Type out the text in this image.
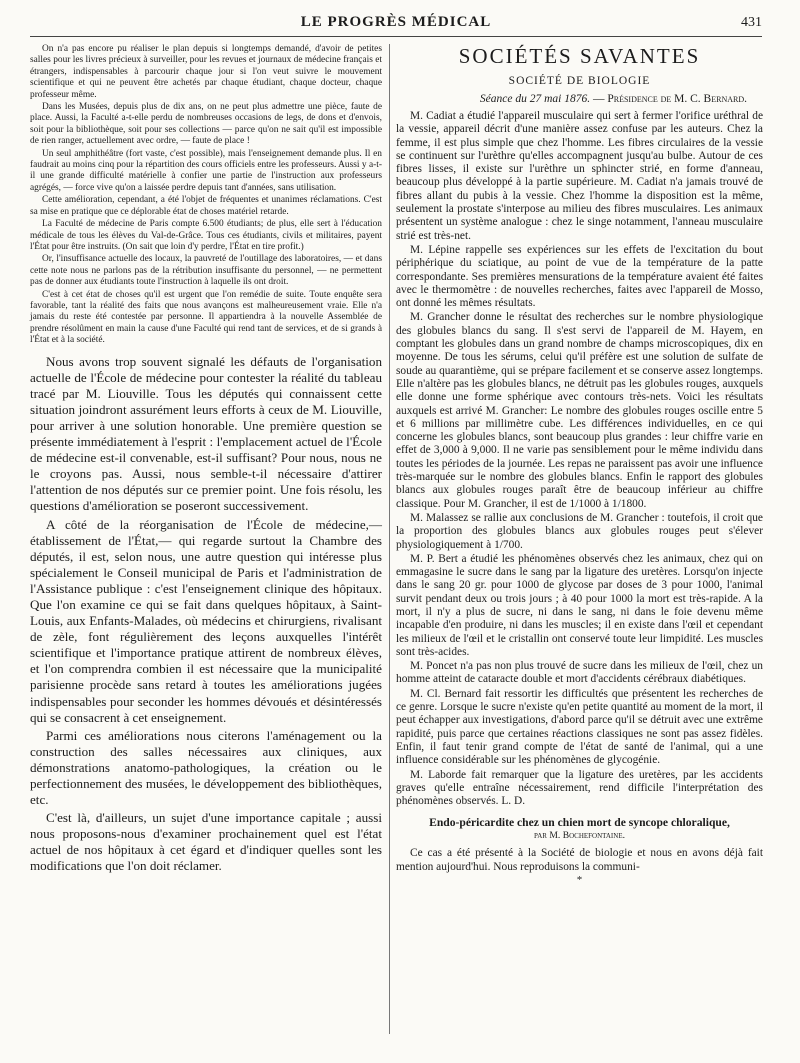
LE PROGRÈS MÉDICAL	431

On n'a pas encore pu réaliser le plan depuis si longtemps demandé, d'avoir de petites salles pour les livres précieux à surveiller, pour les revues et journaux de médecine français et étrangers, indispensables à parcourir chaque jour si l'on veut suivre le mouvement scientifique et qui ne peuvent être achetés par chaque étudiant, chaque docteur, chaque professeur même.

Dans les Musées, depuis plus de dix ans, on ne peut plus admettre une pièce, faute de place. Aussi, la Faculté a-t-elle perdu de nombreuses occasions de legs, de dons et d'envois, soit pour la bibliothèque, soit pour ses collections — parce qu'on ne sait qu'il est impossible de rien ranger, actuellement avec ordre, — faute de place !

Un seul amphithéâtre (fort vaste, c'est possible), mais l'enseignement demande plus. Il en faudrait au moins cinq pour la répartition des cours officiels entre les professeurs. Aussi y a-t-il une grande difficulté matérielle à confier une partie de l'instruction aux professeurs agrégés, — force vive qu'on a laissée perdre depuis tant d'années, sans utilisation.

Cette amélioration, cependant, a été l'objet de fréquentes et unanimes réclamations. C'est sa mise en pratique que ce déplorable état de choses matériel retarde.

La Faculté de médecine de Paris compte 6.500 étudiants; de plus, elle sert à l'éducation médicale de tous les élèves du Val-de-Grâce. Tous ces étudiants, civils et militaires, payent l'État pour être instruits. (On sait que loin d'y perdre, l'État en tire profit.)

Or, l'insuffisance actuelle des locaux, la pauvreté de l'outillage des laboratoires, — et dans cette note nous ne parlons pas de la rétribution insuffisante du personnel, — ne permettent pas de donner aux étudiants toute l'instruction à laquelle ils ont droit.

C'est à cet état de choses qu'il est urgent que l'on remédie de suite. Toute enquête sera favorable, tant la réalité des faits que nous avançons est malheureusement vraie. Elle n'a jamais du reste été contestée par personne. Il appartiendra à la nouvelle Assemblée de prendre résolûment en main la cause d'une Faculté qui rend tant de services, et de si grands à l'État et à la société.

Nous avons trop souvent signalé les défauts de l'organisation actuelle de l'École de médecine pour contester la réalité du tableau tracé par M. Liouville. Tous les députés qui connaissent cette situation joindront assurément leurs efforts à ceux de M. Liouville, pour arriver à une solution honorable. Une première question se présente immédiatement à l'esprit : l'emplacement actuel de l'École de médecine est-il convenable, est-il suffisant? Pour nous, nous ne le croyons pas. Aussi, nous semble-t-il nécessaire d'attirer l'attention de nos députés sur ce premier point. Une fois résolu, les questions d'amélioration se poseront successivement.

A côté de la réorganisation de l'École de médecine,—établissement de l'État,— qui regarde surtout la Chambre des députés, il est, selon nous, une autre question qui intéresse plus spécialement le Conseil municipal de Paris et l'administration de l'Assistance publique : c'est l'enseignement clinique des hôpitaux. Que l'on examine ce qui se fait dans quelques hôpitaux, à Saint-Louis, aux Enfants-Malades, où médecins et chirurgiens, rivalisant de zèle, font régulièrement des leçons auxquelles l'intérêt scientifique et l'importance pratique attirent de nombreux élèves, et l'on comprendra combien il est nécessaire que la municipalité parisienne procède sans retard à toutes les améliorations jugées indispensables pour seconder les hommes dévoués et désintéressés qui se consacrent à cet enseignement.

Parmi ces améliorations nous citerons l'aménagement ou la construction des salles nécessaires aux cliniques, aux démonstrations anatomo-pathologiques, la création ou le perfectionnement des musées, le développement des bibliothèques, etc.

C'est là, d'ailleurs, un sujet d'une importance capitale ; aussi nous proposons-nous d'examiner prochainement quel est l'état actuel de nos hôpitaux à cet égard et d'indiquer quelles sont les modifications que l'on doit réclamer.

SOCIÉTÉS SAVANTES
SOCIÉTÉ DE BIOLOGIE
Séance du 27 mai 1876. — Présidence de M. C. Bernard.

M. Cadiat a étudié l'appareil musculaire qui sert à fermer l'orifice uréthral de la vessie, appareil décrit d'une manière assez confuse par les auteurs. Chez la femme, il est plus simple que chez l'homme. Les fibres circulaires de la vessie se continuent sur l'urèthre qu'elles accompagnent jusqu'au bulbe. Autour de ces fibres lisses, il existe sur l'urèthre un sphincter strié, en forme d'anneau, beaucoup plus développé à la partie supérieure. M. Cadiat n'a jamais trouvé de fibres allant du pubis à la vessie. Chez l'homme la disposition est la même, seulement la prostate s'interpose au milieu des fibres musculaires. Les animaux présentent un système analogue : chez le singe notamment, l'anneau musculaire strié est très-net.

M. Lépine rappelle ses expériences sur les effets de l'excitation du bout périphérique du sciatique, au point de vue de la température de la patte correspondante. Ses premières mensurations de la température avaient été faites avec le thermomètre : de nouvelles recherches, faites avec l'appareil de Mosso, ont donné les mêmes résultats.

M. Grancher donne le résultat des recherches sur le nombre physiologique des globules blancs du sang. Il s'est servi de l'appareil de M. Hayem, en comptant les globules dans un grand nombre de champs microscopiques, dix en moyenne. De tous les sérums, celui qu'il préfère est une solution de sulfate de soude au quarantième, qui se prépare facilement et se conserve assez longtemps. Elle n'altère pas les globules blancs, ne détruit pas les globules rouges, auxquels elle donne une forme sphérique avec contours très-nets. Voici les résultats auxquels est arrivé M. Grancher: Le nombre des globules rouges oscille entre 5 et 6 millions par millimètre cube. Les différences individuelles, en ce qui concerne les globules blancs, sont beaucoup plus grandes : leur chiffre varie en effet de 3,000 à 9,000. Il ne varie pas sensiblement pour le même individu dans toutes les périodes de la journée. Les repas ne paraissent pas avoir une influence très-marquée sur le nombre des globules blancs. Enfin le rapport des globules blancs aux globules rouges paraît être de beaucoup inférieur au chiffre classique. Pour M. Grancher, il est de 1/1000 à 1/1800.

M. Malassez se rallie aux conclusions de M. Grancher : toutefois, il croit que la proportion des globules blancs aux globules rouges peut s'élever physiologiquement à 1/700.

M. P. Bert a étudié les phénomènes observés chez les animaux, chez qui on emmagasine le sucre dans le sang par la ligature des uretères. Lorsqu'on injecte dans le sang 20 gr. pour 1000 de glycose par doses de 3 pour 1000, l'animal survit pendant deux ou trois jours ; à 40 pour 1000 la mort est très-rapide. A la mort, il n'y a plus de sucre, ni dans le sang, ni dans le foie devenu même incapable d'en produire, ni dans les muscles; il en existe dans l'œil et cependant les milieux de l'œil et le cristallin ont conservé toute leur limpidité. Les muscles sont très-acides.

M. Poncet n'a pas non plus trouvé de sucre dans les milieux de l'œil, chez un homme atteint de cataracte double et mort d'accidents cérébraux diabétiques.

M. Cl. Bernard fait ressortir les difficultés que présentent les recherches de ce genre. Lorsque le sucre n'existe qu'en petite quantité au moment de la mort, il peut échapper aux investigations, d'abord parce qu'il se détruit avec une extrême rapidité, puis parce que certaines réactions classiques ne sont pas assez fidèles. Enfin, il faut tenir grand compte de l'état de santé de l'animal, qui a une influence considérable sur les phénomènes de glycogénie.

M. Laborde fait remarquer que la ligature des uretères, par les accidents graves qu'elle entraîne nécessairement, rend difficile l'interprétation des phénomènes observés. L. D.

Endo-péricardite chez un chien mort de syncope chloralique,
par M. Bochefontaine.

Ce cas a été présenté à la Société de biologie et nous en avons déjà fait mention aujourd'hui. Nous reproduisons la communi-

*
